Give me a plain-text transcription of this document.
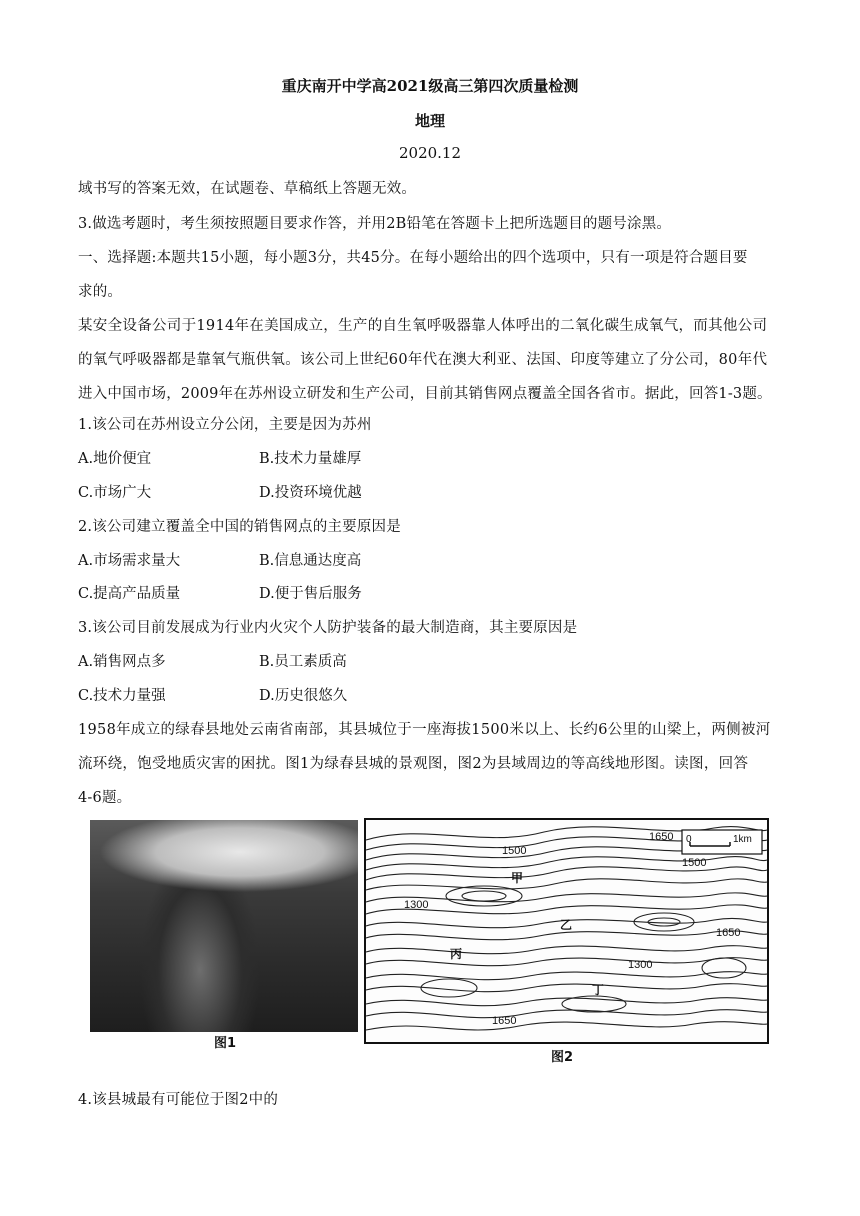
重庆南开中学高2021级高三第四次质量检测
地理
2020.12
域书写的答案无效，在试题卷、草稿纸上答题无效。
3.做选考题时，考生须按照题目要求作答，并用2B铅笔在答题卡上把所选题目的题号涂黑。
一、选择题:本题共15小题，每小题3分，共45分。在每小题给出的四个选项中，只有一项是符合题目要
求的。
某安全设备公司于1914年在美国成立，生产的自生氧呼吸器靠人体呼出的二氧化碳生成氧气，而其他公司
的氧气呼吸器都是靠氧气瓶供氧。该公司上世纪60年代在澳大利亚、法国、印度等建立了分公司，80年代
进入中国市场，2009年在苏州设立研发和生产公司，目前其销售网点覆盖全国各省市。据此，回答1-3题。
1.该公司在苏州设立分公闭，主要是因为苏州
A.地价便宜	B.技术力量雄厚
C.市场广大	D.投资环境优越
2.该公司建立覆盖全中国的销售网点的主要原因是
A.市场需求量大	B.信息通达度高
C.提高产品质量	D.便于售后服务
3.该公司目前发展成为行业内火灾个人防护装备的最大制造商，其主要原因是
A.销售网点多	B.员工素质高
C.技术力量强	D.历史很悠久
1958年成立的绿春县地处云南省南部，其县城位于一座海拔1500米以上、长约6公里的山梁上，两侧被河
流环绕，饱受地质灾害的困扰。图1为绿春县城的景观图，图2为县域周边的等高线地形图。读图，回答
4-6题。
图1
1650
1500
1500
1300
1650
1300
1650
甲
乙
丙
丁
0	1km
图2
4.该县城最有可能位于图2中的
